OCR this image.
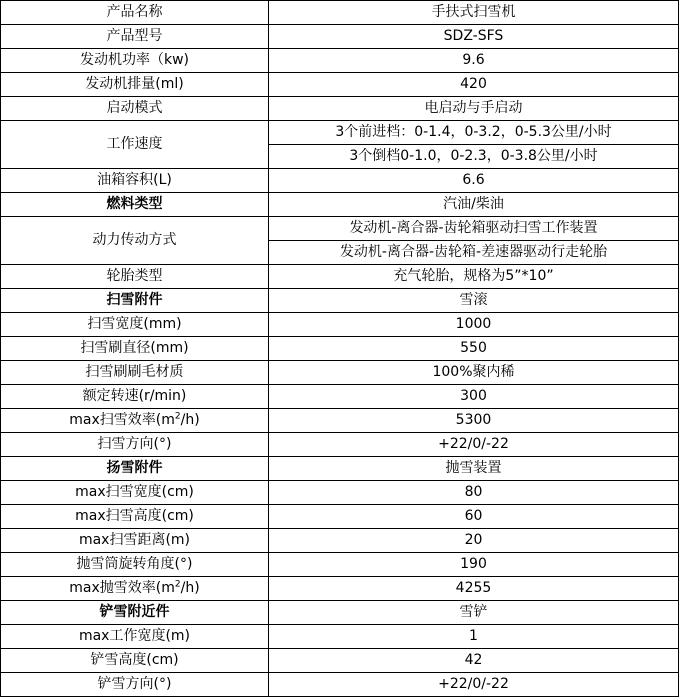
产品名称	手扶式扫雪机
产品型号	SDZ-SFS
发动机功率（kw)	9.6
发动机排量(ml)	420
启动模式	电启动与手启动
工作速度	3个前进档：0-1.4，0-3.2，0-5.3公里/小时
	3个倒档0-1.0，0-2.3，0-3.8公里/小时
油箱容积(L)	6.6
燃料类型	汽油/柴油
动力传动方式	发动机-离合器-齿轮箱驱动扫雪工作装置
	发动机-离合器-齿轮箱-差速器驱动行走轮胎
轮胎类型	充气轮胎，规格为5”*10”
扫雪附件	雪滚
扫雪宽度(mm)	1000
扫雪刷直径(mm)	550
扫雪刷刷毛材质	100%聚内稀
额定转速(r/min)	300
max扫雪效率$(m^2/h)$	5300
扫雪方向(°)	+22/0/-22
扬雪附件	抛雪装置
max扫雪宽度(cm)	80
max扫雪高度(cm)	60
max扫雪距离(m)	20
抛雪筒旋转角度(°)	190
max抛雪效率$(m^2/h)$	4255
铲雪附近件	雪铲
max工作宽度(m)	1
铲雪高度(cm)	42
铲雪方向(°)	+22/0/-22
